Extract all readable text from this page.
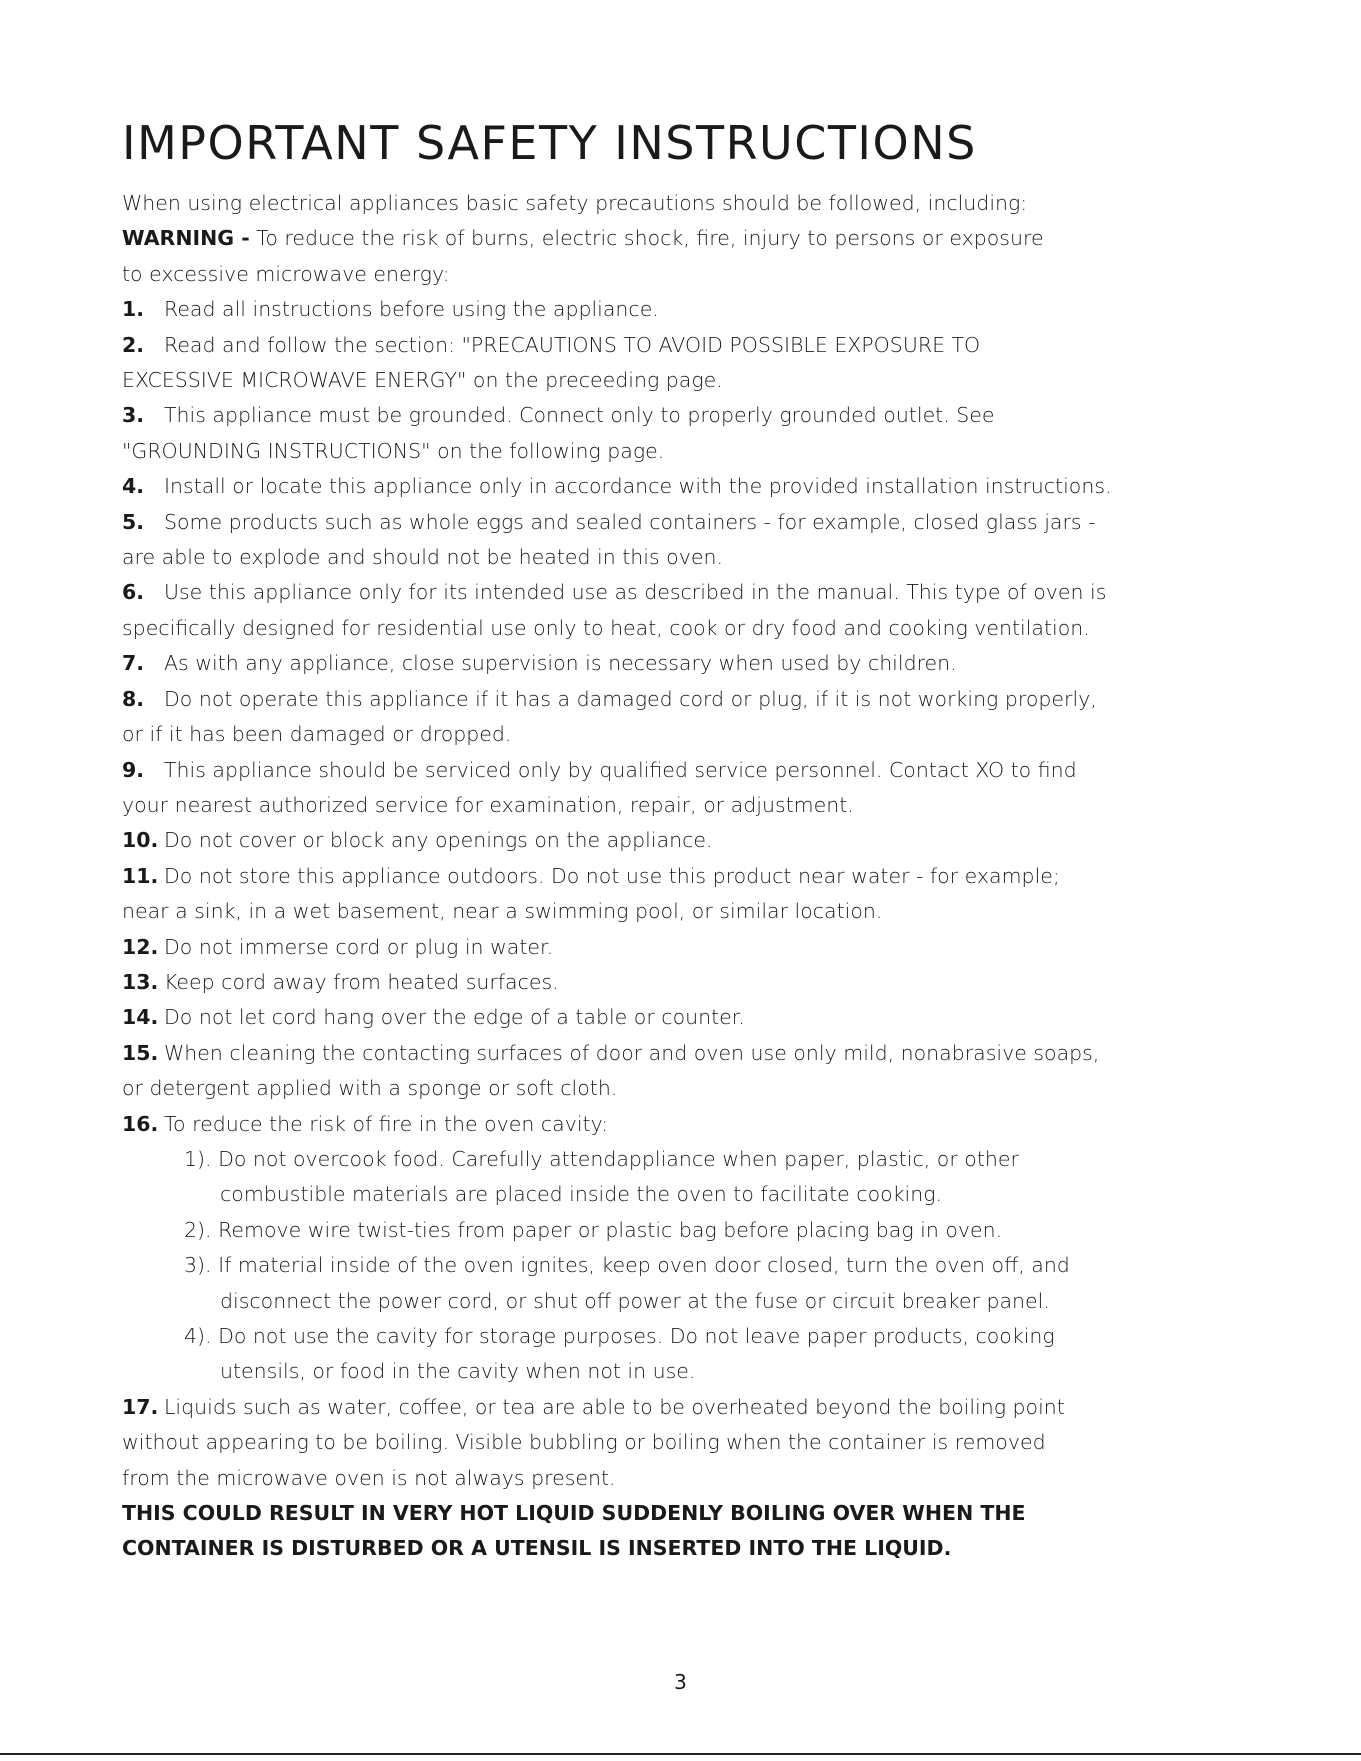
IMPORTANT SAFETY INSTRUCTIONS

When using electrical appliances basic safety precautions should be followed, including:

WARNING - To reduce the risk of burns, electric shock, fire, injury to persons or exposure

to excessive microwave energy:

1. Read all instructions before using the appliance.

2. Read and follow the section: "PRECAUTIONS TO AVOID POSSIBLE EXPOSURE TO

EXCESSIVE MICROWAVE ENERGY" on the preceeding page.

3. This appliance must be grounded. Connect only to properly grounded outlet. See

"GROUNDING INSTRUCTIONS" on the following page.

4. Install or locate this appliance only in accordance with the provided installation instructions.

5. Some products such as whole eggs and sealed containers - for example, closed glass jars -

are able to explode and should not be heated in this oven.

6. Use this appliance only for its intended use as described in the manual. This type of oven is

specifically designed for residential use only to heat, cook or dry food and cooking ventilation.

7. As with any appliance, close supervision is necessary when used by children.

8. Do not operate this appliance if it has a damaged cord or plug, if it is not working properly,

or if it has been damaged or dropped.

9. This appliance should be serviced only by qualified service personnel. Contact XO to find

your nearest authorized service for examination, repair, or adjustment.

10. Do not cover or block any openings on the appliance.

11. Do not store this appliance outdoors. Do not use this product near water - for example;

near a sink, in a wet basement, near a swimming pool, or similar location.

12. Do not immerse cord or plug in water.

13. Keep cord away from heated surfaces.

14. Do not let cord hang over the edge of a table or counter.

15. When cleaning the contacting surfaces of door and oven use only mild, nonabrasive soaps,

or detergent applied with a sponge or soft cloth.

16. To reduce the risk of fire in the oven cavity:

1). Do not overcook food. Carefully attendappliance when paper, plastic, or other

combustible materials are placed inside the oven to facilitate cooking.

2). Remove wire twist-ties from paper or plastic bag before placing bag in oven.

3). If material inside of the oven ignites, keep oven door closed, turn the oven off, and

disconnect the power cord, or shut off power at the fuse or circuit breaker panel.

4). Do not use the cavity for storage purposes. Do not leave paper products, cooking

utensils, or food in the cavity when not in use.

17. Liquids such as water, coffee, or tea are able to be overheated beyond the boiling point

without appearing to be boiling. Visible bubbling or boiling when the container is removed

from the microwave oven is not always present.

THIS COULD RESULT IN VERY HOT LIQUID SUDDENLY BOILING OVER WHEN THE

CONTAINER IS DISTURBED OR A UTENSIL IS INSERTED INTO THE LIQUID.

3
